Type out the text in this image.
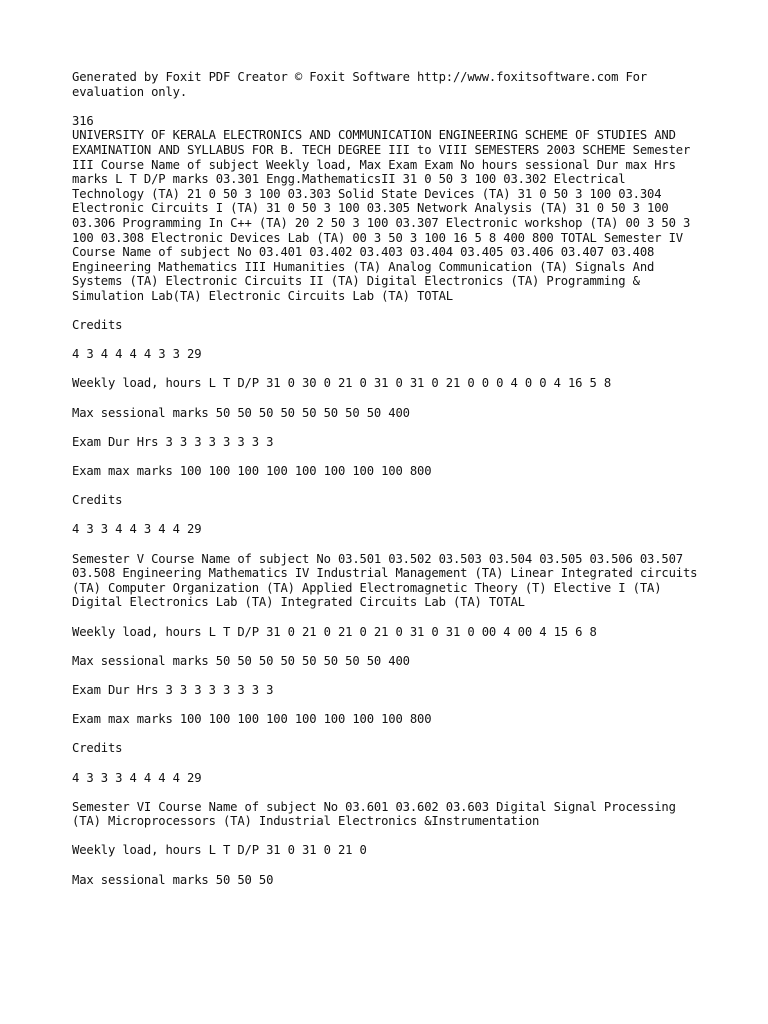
Generated by Foxit PDF Creator © Foxit Software http://www.foxitsoftware.com For evaluation only.

316
UNIVERSITY OF KERALA ELECTRONICS AND COMMUNICATION ENGINEERING SCHEME OF STUDIES AND EXAMINATION AND SYLLABUS FOR B. TECH DEGREE III to VIII SEMESTERS 2003 SCHEME Semester III Course Name of subject Weekly load, Max Exam Exam No hours sessional Dur max Hrs marks L T D/P marks 03.301 Engg.MathematicsII 31 0 50 3 100 03.302 Electrical Technology (TA) 21 0 50 3 100 03.303 Solid State Devices (TA) 31 0 50 3 100 03.304 Electronic Circuits I (TA) 31 0 50 3 100 03.305 Network Analysis (TA) 31 0 50 3 100 03.306 Programming In C++ (TA) 20 2 50 3 100 03.307 Electronic workshop (TA) 00 3 50 3 100 03.308 Electronic Devices Lab (TA) 00 3 50 3 100 16 5 8 400 800 TOTAL Semester IV Course Name of subject No 03.401 03.402 03.403 03.404 03.405 03.406 03.407 03.408 Engineering Mathematics III Humanities (TA) Analog Communication (TA) Signals And Systems (TA) Electronic Circuits II (TA) Digital Electronics (TA) Programming & Simulation Lab(TA) Electronic Circuits Lab (TA) TOTAL

Credits

4 3 4 4 4 4 3 3 29

Weekly load, hours L T D/P 31 0 30 0 21 0 31 0 31 0 21 0 0 0 4 0 0 4 16 5 8

Max sessional marks 50 50 50 50 50 50 50 50 400

Exam Dur Hrs 3 3 3 3 3 3 3 3

Exam max marks 100 100 100 100 100 100 100 100 800

Credits

4 3 3 4 4 3 4 4 29

Semester V Course Name of subject No 03.501 03.502 03.503 03.504 03.505 03.506 03.507 03.508 Engineering Mathematics IV Industrial Management (TA) Linear Integrated circuits (TA) Computer Organization (TA) Applied Electromagnetic Theory (T) Elective I (TA) Digital Electronics Lab (TA) Integrated Circuits Lab (TA) TOTAL

Weekly load, hours L T D/P 31 0 21 0 21 0 21 0 31 0 31 0 00 4 00 4 15 6 8

Max sessional marks 50 50 50 50 50 50 50 50 400

Exam Dur Hrs 3 3 3 3 3 3 3 3

Exam max marks 100 100 100 100 100 100 100 100 800

Credits

4 3 3 3 4 4 4 4 29

Semester VI Course Name of subject No 03.601 03.602 03.603 Digital Signal Processing (TA) Microprocessors (TA) Industrial Electronics &Instrumentation

Weekly load, hours L T D/P 31 0 31 0 21 0

Max sessional marks 50 50 50
